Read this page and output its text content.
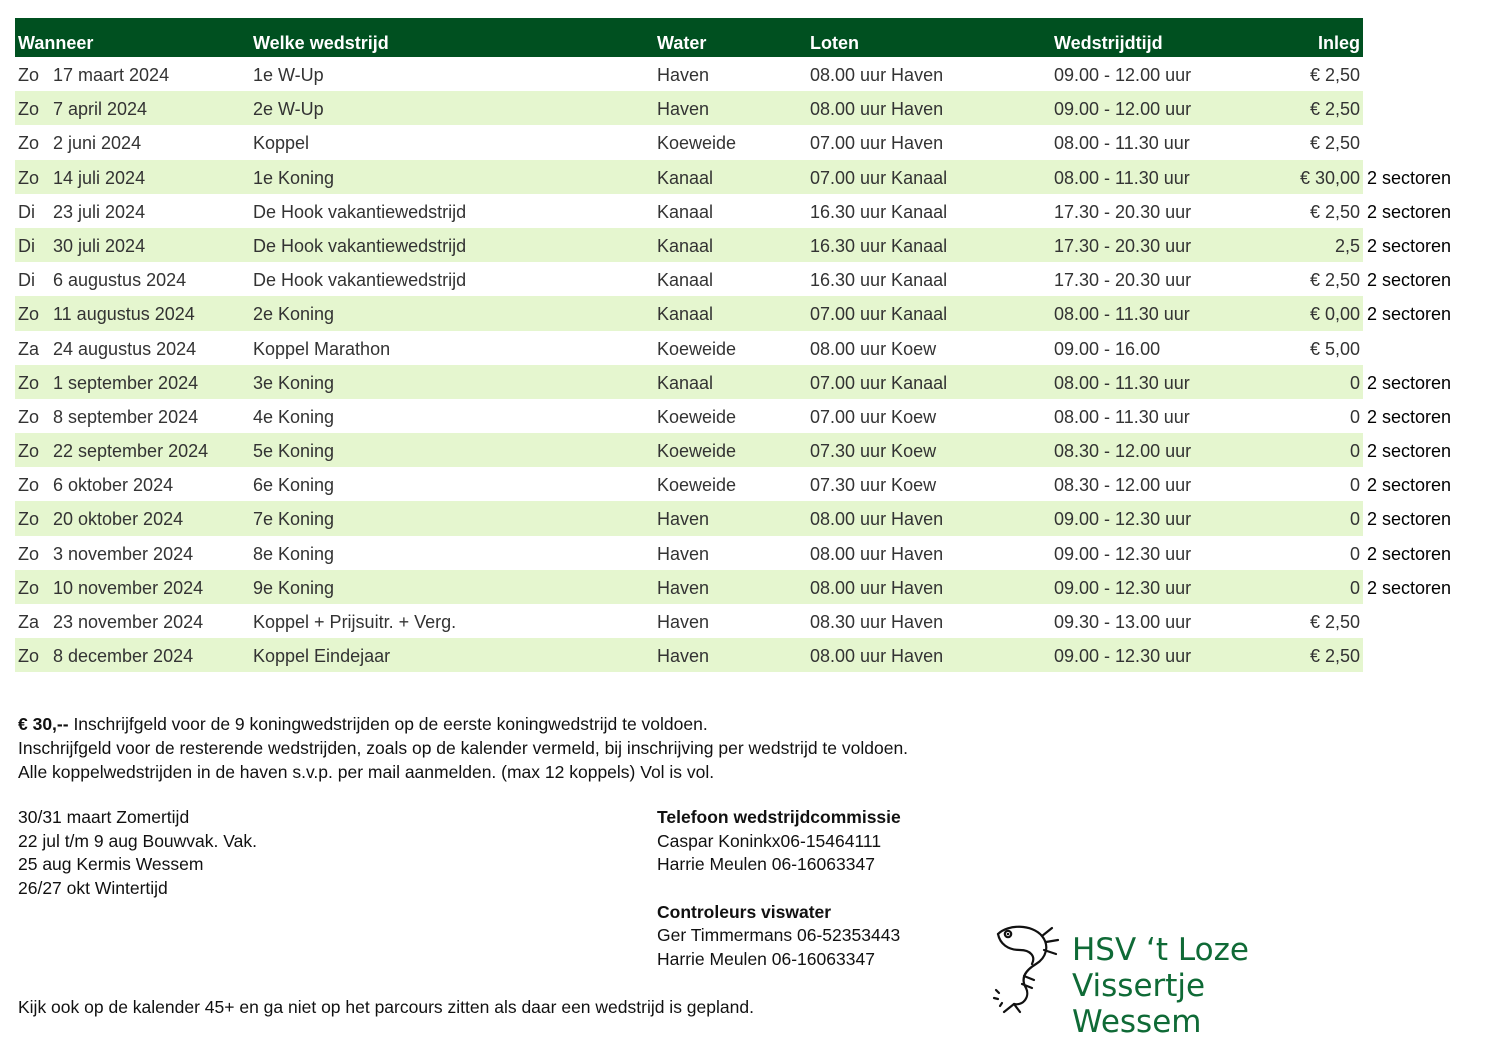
Wanneer	Welke wedstrijd	Water	Loten	Wedstrijdtijd	Inleg
Zo 17 maart 2024	1e W-Up	Haven	08.00 uur Haven	09.00 - 12.00 uur	€ 2,50
Zo 7 april 2024	2e W-Up	Haven	08.00 uur Haven	09.00 - 12.00 uur	€ 2,50
Zo 2 juni 2024	Koppel	Koeweide	07.00 uur Haven	08.00 - 11.30 uur	€ 2,50
Zo 14 juli 2024	1e Koning	Kanaal	07.00 uur Kanaal	08.00 - 11.30 uur	€ 30,00 2 sectoren
Di 23 juli 2024	De Hook vakantiewedstrijd	Kanaal	16.30 uur Kanaal	17.30 - 20.30 uur	€ 2,50 2 sectoren
Di 30 juli 2024	De Hook vakantiewedstrijd	Kanaal	16.30 uur Kanaal	17.30 - 20.30 uur	2,5 2 sectoren
Di 6 augustus 2024	De Hook vakantiewedstrijd	Kanaal	16.30 uur Kanaal	17.30 - 20.30 uur	€ 2,50 2 sectoren
Zo 11 augustus 2024	2e Koning	Kanaal	07.00 uur Kanaal	08.00 - 11.30 uur	€ 0,00 2 sectoren
Za 24 augustus 2024	Koppel Marathon	Koeweide	08.00 uur Koew	09.00 - 16.00	€ 5,00
Zo 1 september 2024	3e Koning	Kanaal	07.00 uur Kanaal	08.00 - 11.30 uur	0 2 sectoren
Zo 8 september 2024	4e Koning	Koeweide	07.00 uur Koew	08.00 - 11.30 uur	0 2 sectoren
Zo 22 september 2024 5e Koning	Koeweide	07.30 uur Koew	08.30 - 12.00 uur	0 2 sectoren
Zo 6 oktober 2024	6e Koning	Koeweide	07.30 uur Koew	08.30 - 12.00 uur	0 2 sectoren
Zo 20 oktober 2024	7e Koning	Haven	08.00 uur Haven	09.00 - 12.30 uur	0 2 sectoren
Zo 3 november 2024	8e Koning	Haven	08.00 uur Haven	09.00 - 12.30 uur	0 2 sectoren
Zo 10 november 2024	9e Koning	Haven	08.00 uur Haven	09.00 - 12.30 uur	0 2 sectoren
Za 23 november 2024	Koppel + Prijsuitr. + Verg.	Haven	08.30 uur Haven	09.30 - 13.00 uur	€ 2,50
Zo 8 december 2024	Koppel Eindejaar	Haven	08.00 uur Haven	09.00 - 12.30 uur	€ 2,50
€ 30,-- Inschrijfgeld voor de 9 koningwedstrijden op de eerste koningwedstrijd te voldoen.
Inschrijfgeld voor de resterende wedstrijden, zoals op de kalender vermeld, bij inschrijving per wedstrijd te voldoen.
Alle koppelwedstrijden in de haven s.v.p. per mail aanmelden. (max 12 koppels) Vol is vol.
30/31 maart Zomertijd
22 jul t/m 9 aug Bouwvak. Vak.
25 aug Kermis Wessem
26/27 okt Wintertijd
Telefoon wedstrijdcommissie
Caspar Koninkx06-15464111
Harrie Meulen 06-16063347
Controleurs viswater
Ger Timmermans 06-52353443
Harrie Meulen 06-16063347
Kijk ook op de kalender 45+ en ga niet op het parcours zitten als daar een wedstrijd is gepland.
HSV ‘t Loze Vissertje
Wessem
